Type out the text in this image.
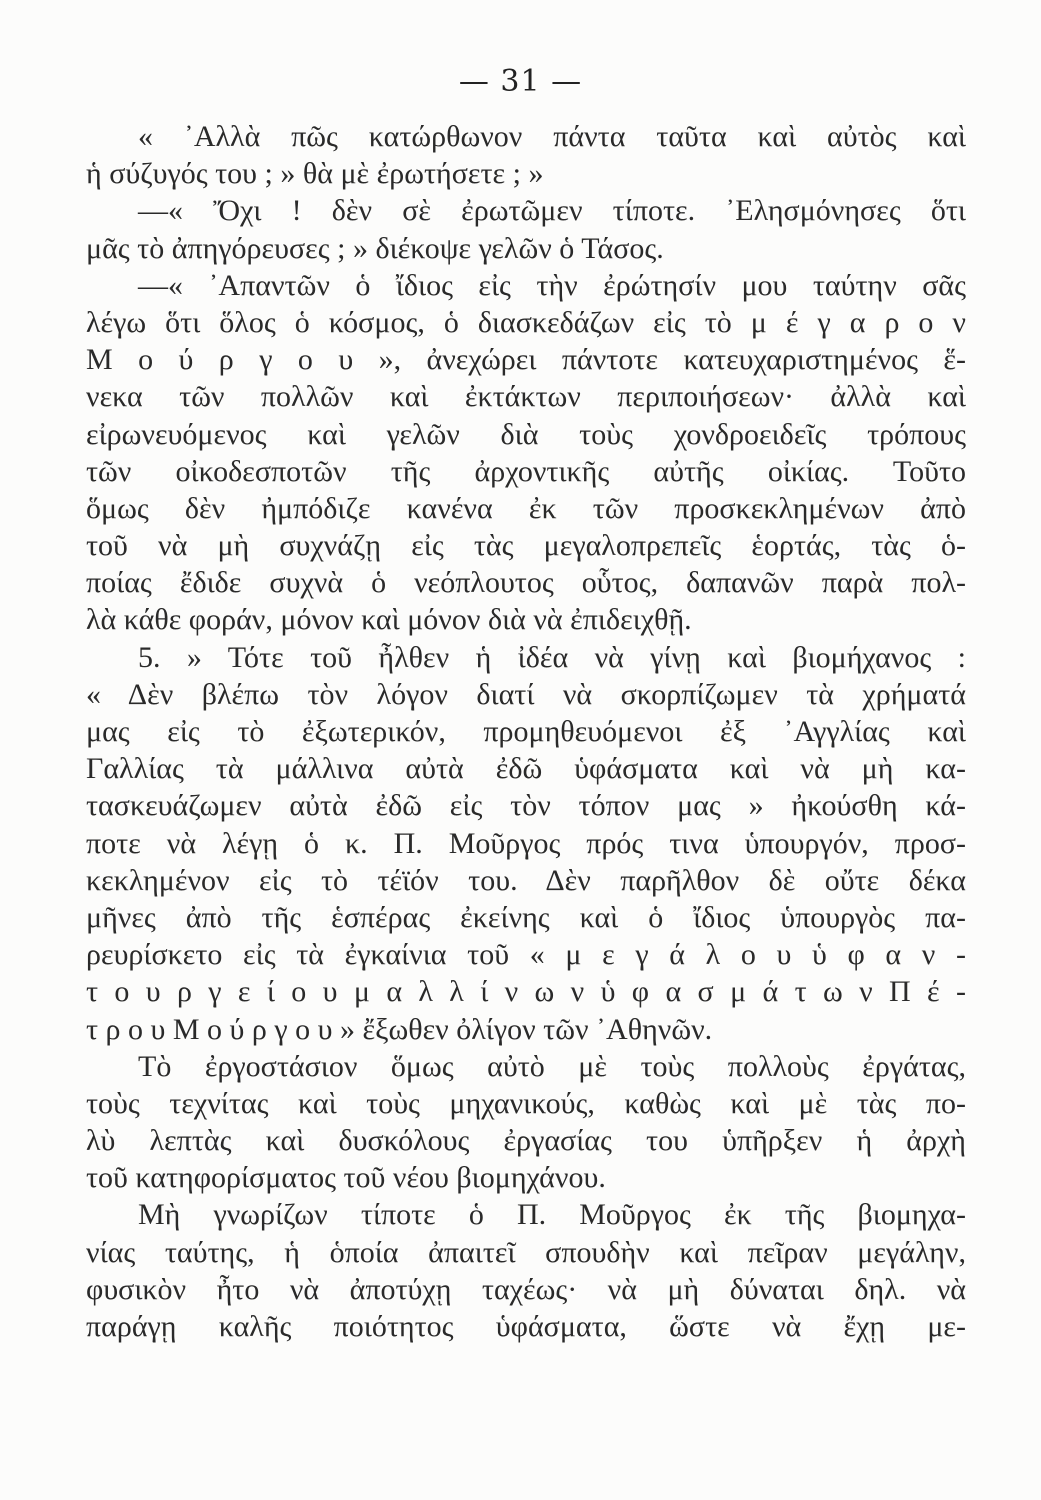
— 31 —
« ᾿Αλλὰ πῶς κατώρθωνον πάντα ταῦτα καὶ αὐτὸς καὶ
ἡ σύζυγός του ; » θὰ μὲ ἐρωτήσετε ; »
—« Ὄχι ! δὲν σὲ ἐρωτῶμεν τίποτε. ᾿Ελησμόνησες ὅτι
μᾶς τὸ ἀπηγόρευσες ; » διέκοψε γελῶν ὁ Τάσος.
—« ᾿Απαντῶν ὁ ἴδιος εἰς τὴν ἐρώτησίν μου ταύτην σᾶς
λέγω ὅτι ὅλος ὁ κόσμος, ὁ διασκεδάζων εἰς τὸ μ έ γ α ρ ο ν
Μ ο ύ ρ γ ο υ », ἀνεχώρει πάντοτε κατευχαριστημένος ἕ-
νεκα τῶν πολλῶν καὶ ἐκτάκτων περιποιήσεων· ἀλλὰ καὶ
εἰρωνευόμενος καὶ γελῶν διὰ τοὺς χονδροειδεῖς τρόπους
τῶν οἰκοδεσποτῶν τῆς ἀρχοντικῆς αὐτῆς οἰκίας. Τοῦτο
ὅμως δὲν ἠμπόδιζε κανένα ἐκ τῶν προσκεκλημένων ἀπὸ
τοῦ νὰ μὴ συχνάζῃ εἰς τὰς μεγαλοπρεπεῖς ἑορτάς, τὰς ὁ-
ποίας ἔδιδε συχνὰ ὁ νεόπλουτος οὗτος, δαπανῶν παρὰ πολ-
λὰ κάθε φοράν, μόνον καὶ μόνον διὰ νὰ ἐπιδειχθῇ.
5. » Τότε τοῦ ἦλθεν ἡ ἰδέα νὰ γίνῃ καὶ βιομήχανος :
« Δὲν βλέπω τὸν λόγον διατί νὰ σκορπίζωμεν τὰ χρήματά
μας εἰς τὸ ἐξωτερικόν, προμηθευόμενοι ἐξ ᾿Αγγλίας καὶ
Γαλλίας τὰ μάλλινα αὐτὰ ἐδῶ ὑφάσματα καὶ νὰ μὴ κα-
τασκευάζωμεν αὐτὰ ἐδῶ εἰς τὸν τόπον μας » ἠκούσθη κά-
ποτε νὰ λέγῃ ὁ κ. Π. Μοῦργος πρός τινα ὑπουργόν, προσ-
κεκλημένον εἰς τὸ τέϊόν του. Δὲν παρῆλθον δὲ οὔτε δέκα
μῆνες ἀπὸ τῆς ἑσπέρας ἐκείνης καὶ ὁ ἴδιος ὑπουργὸς πα-
ρευρίσκετο εἰς τὰ ἐγκαίνια τοῦ « μ ε γ ά λ ο υ ὑ φ α ν -
τ ο υ ρ γ ε ί ο υ μ α λ λ ί ν ω ν ὑ φ α σ μ ά τ ω ν Π έ -
τ ρ ο υ Μ ο ύ ρ γ ο υ » ἔξωθεν ὀλίγον τῶν ᾿Αθηνῶν.
Τὸ ἐργοστάσιον ὅμως αὐτὸ μὲ τοὺς πολλοὺς ἐργάτας,
τοὺς τεχνίτας καὶ τοὺς μηχανικούς, καθὼς καὶ μὲ τὰς πο-
λὺ λεπτὰς καὶ δυσκόλους ἐργασίας του ὑπῆρξεν ἡ ἀρχὴ
τοῦ κατηφορίσματος τοῦ νέου βιομηχάνου.
Μὴ γνωρίζων τίποτε ὁ Π. Μοῦργος ἐκ τῆς βιομηχα-
νίας ταύτης, ἡ ὁποία ἀπαιτεῖ σπουδὴν καὶ πεῖραν μεγάλην,
φυσικὸν ἦτο νὰ ἀποτύχῃ ταχέως· νὰ μὴ δύναται δηλ. νὰ
παράγῃ καλῆς ποιότητος ὑφάσματα, ὥστε νὰ ἔχῃ με-
